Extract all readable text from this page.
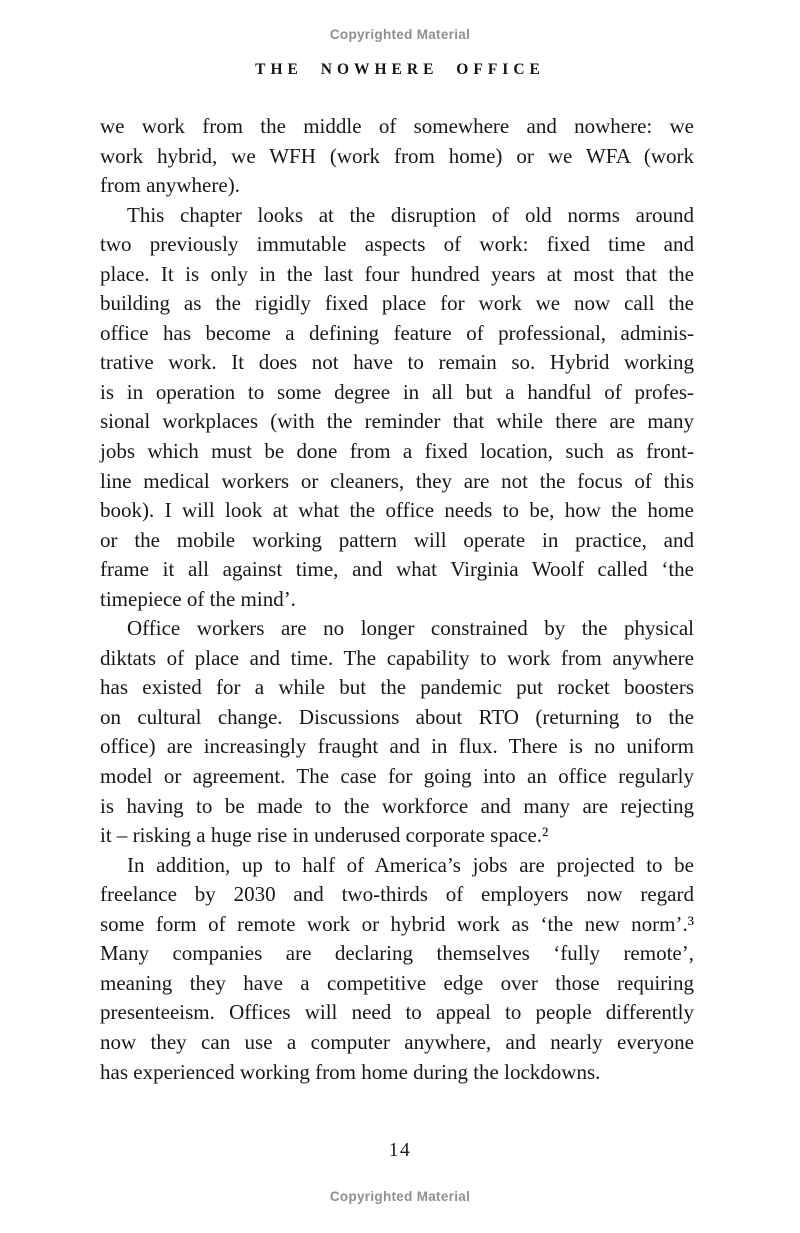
Copyrighted Material
THE NOWHERE OFFICE
we work from the middle of somewhere and nowhere: we
work hybrid, we WFH (work from home) or we WFA (work
from anywhere).
This chapter looks at the disruption of old norms around
two previously immutable aspects of work: fixed time and
place. It is only in the last four hundred years at most that the
building as the rigidly fixed place for work we now call the
office has become a defining feature of professional, adminis-
trative work. It does not have to remain so. Hybrid working
is in operation to some degree in all but a handful of profes-
sional workplaces (with the reminder that while there are many
jobs which must be done from a fixed location, such as front-
line medical workers or cleaners, they are not the focus of this
book). I will look at what the office needs to be, how the home
or the mobile working pattern will operate in practice, and
frame it all against time, and what Virginia Woolf called ‘the
timepiece of the mind’.
Office workers are no longer constrained by the physical
diktats of place and time. The capability to work from anywhere
has existed for a while but the pandemic put rocket boosters
on cultural change. Discussions about RTO (returning to the
office) are increasingly fraught and in flux. There is no uniform
model or agreement. The case for going into an office regularly
is having to be made to the workforce and many are rejecting
it – risking a huge rise in underused corporate space.²
In addition, up to half of America’s jobs are projected to be
freelance by 2030 and two-thirds of employers now regard
some form of remote work or hybrid work as ‘the new norm’.³
Many companies are declaring themselves ‘fully remote’,
meaning they have a competitive edge over those requiring
presenteeism. Offices will need to appeal to people differently
now they can use a computer anywhere, and nearly everyone
has experienced working from home during the lockdowns.
14
Copyrighted Material
